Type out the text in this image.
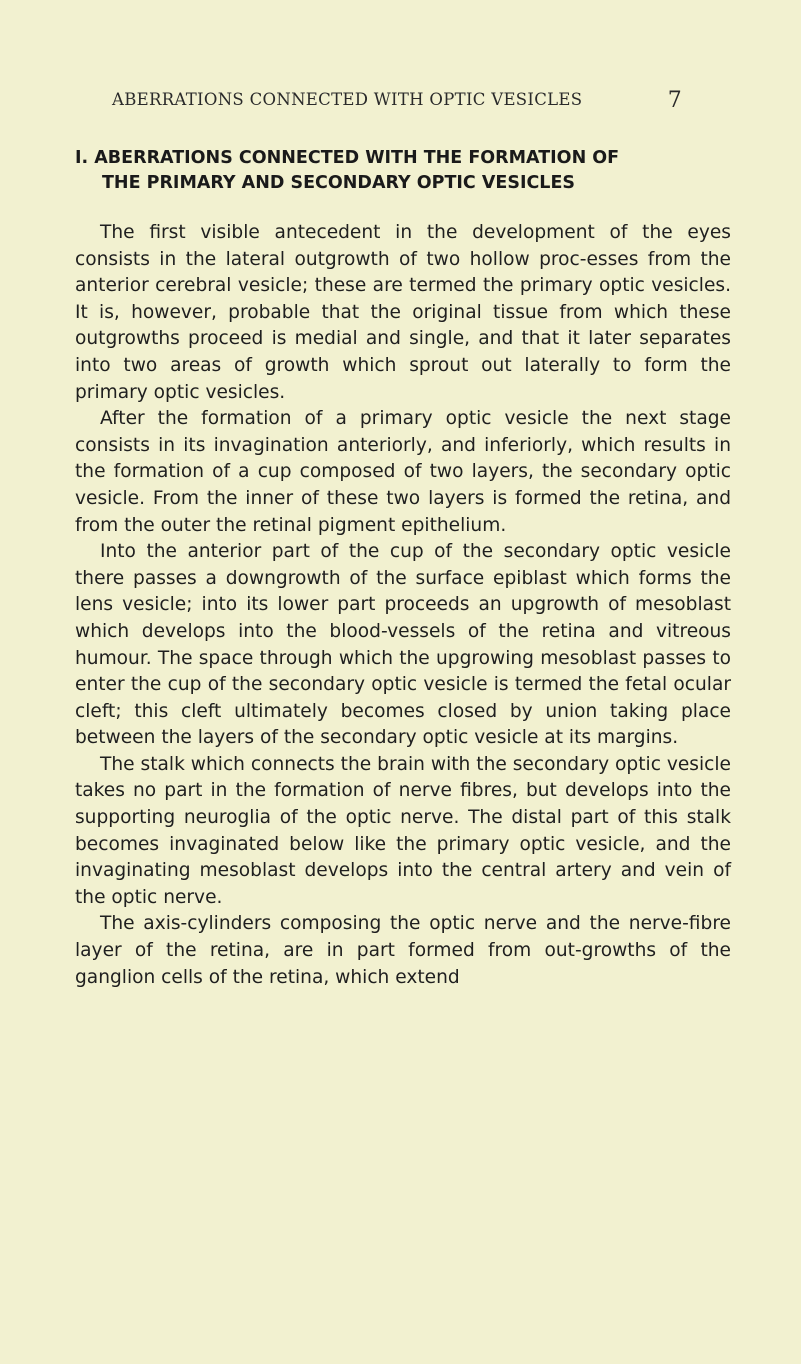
ABERRATIONS CONNECTED WITH OPTIC VESICLES	7
I. ABERRATIONS CONNECTED WITH THE FORMATION OF
THE PRIMARY AND SECONDARY OPTIC VESICLES

The first visible antecedent in the development of the eyes consists in the lateral outgrowth of two hollow proc-esses from the anterior cerebral vesicle; these are termed the primary optic vesicles. It is, however, probable that the original tissue from which these outgrowths proceed is medial and single, and that it later separates into two areas of growth which sprout out laterally to form the primary optic vesicles.

After the formation of a primary optic vesicle the next stage consists in its invagination anteriorly, and inferiorly, which results in the formation of a cup composed of two layers, the secondary optic vesicle. From the inner of these two layers is formed the retina, and from the outer the retinal pigment epithelium.

Into the anterior part of the cup of the secondary optic vesicle there passes a downgrowth of the surface epiblast which forms the lens vesicle; into its lower part proceeds an upgrowth of mesoblast which develops into the blood-vessels of the retina and vitreous humour. The space through which the upgrowing mesoblast passes to enter the cup of the secondary optic vesicle is termed the fetal ocular cleft; this cleft ultimately becomes closed by union taking place between the layers of the secondary optic vesicle at its margins.

The stalk which connects the brain with the secondary optic vesicle takes no part in the formation of nerve fibres, but develops into the supporting neuroglia of the optic nerve. The distal part of this stalk becomes invaginated below like the primary optic vesicle, and the invaginating mesoblast develops into the central artery and vein of the optic nerve.

The axis-cylinders composing the optic nerve and the nerve-fibre layer of the retina, are in part formed from out-growths of the ganglion cells of the retina, which extend
